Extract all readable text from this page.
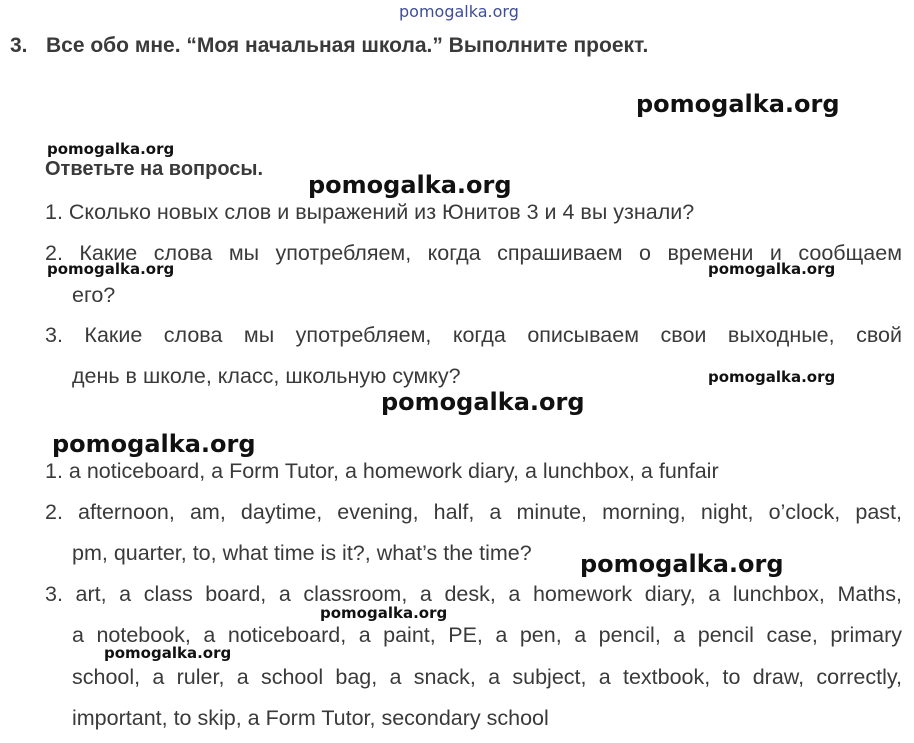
pomogalka.org
3. Все обо мне. “Моя начальная школа.” Выполните проект.
pomogalka.org
pomogalka.org
Ответьте на вопросы.
pomogalka.org
1. Сколько новых слов и выражений из Юнитов 3 и 4 вы узнали?
2. Какие слова мы употребляем, когда спрашиваем о времени и сообщаем
pomogalka.org	pomogalka.org
его?
3. Какие слова мы употребляем, когда описываем свои выходные, свой
день в школе, класс, школьную сумку?	pomogalka.org
pomogalka.org
pomogalka.org
1. a noticeboard, a Form Tutor, a homework diary, a lunchbox, a funfair
2. afternoon, am, daytime, evening, half, a minute, morning, night, o’clock, past,
pm, quarter, to, what time is it?, what’s the time? pomogalka.org
3. art, a class board, a classroom, a desk, a homework diary, a lunchbox, Maths,
pomogalka.org
a notebook, a noticeboard, a paint, PE, a pen, a pencil, a pencil case, primary
pomogalka.org
school, a ruler, a school bag, a snack, a subject, a textbook, to draw, correctly,
important, to skip, a Form Tutor, secondary school
